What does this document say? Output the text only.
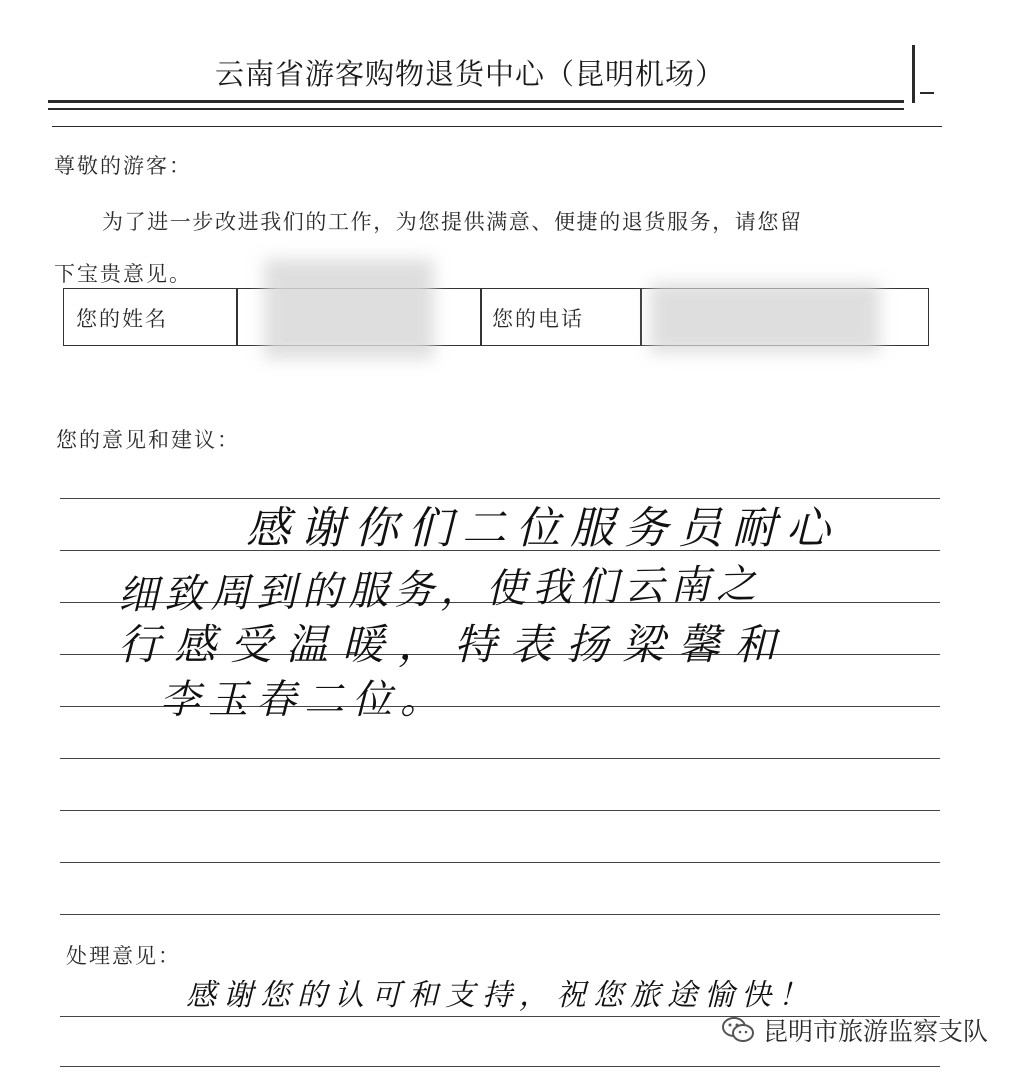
云南省游客购物退货中心（昆明机场）
尊敬的游客：
为了进一步改进我们的工作，为您提供满意、便捷的退货服务，请您留
下宝贵意见。
您的姓名	您的电话
您的意见和建议：
感谢你们二位服务员耐心
细致周到的服务，使我们云南之
行感受温暖，特表扬梁馨和
李玉春二位。
处理意见：
感谢您的认可和支持，祝您旅途愉快！
昆明市旅游监察支队
